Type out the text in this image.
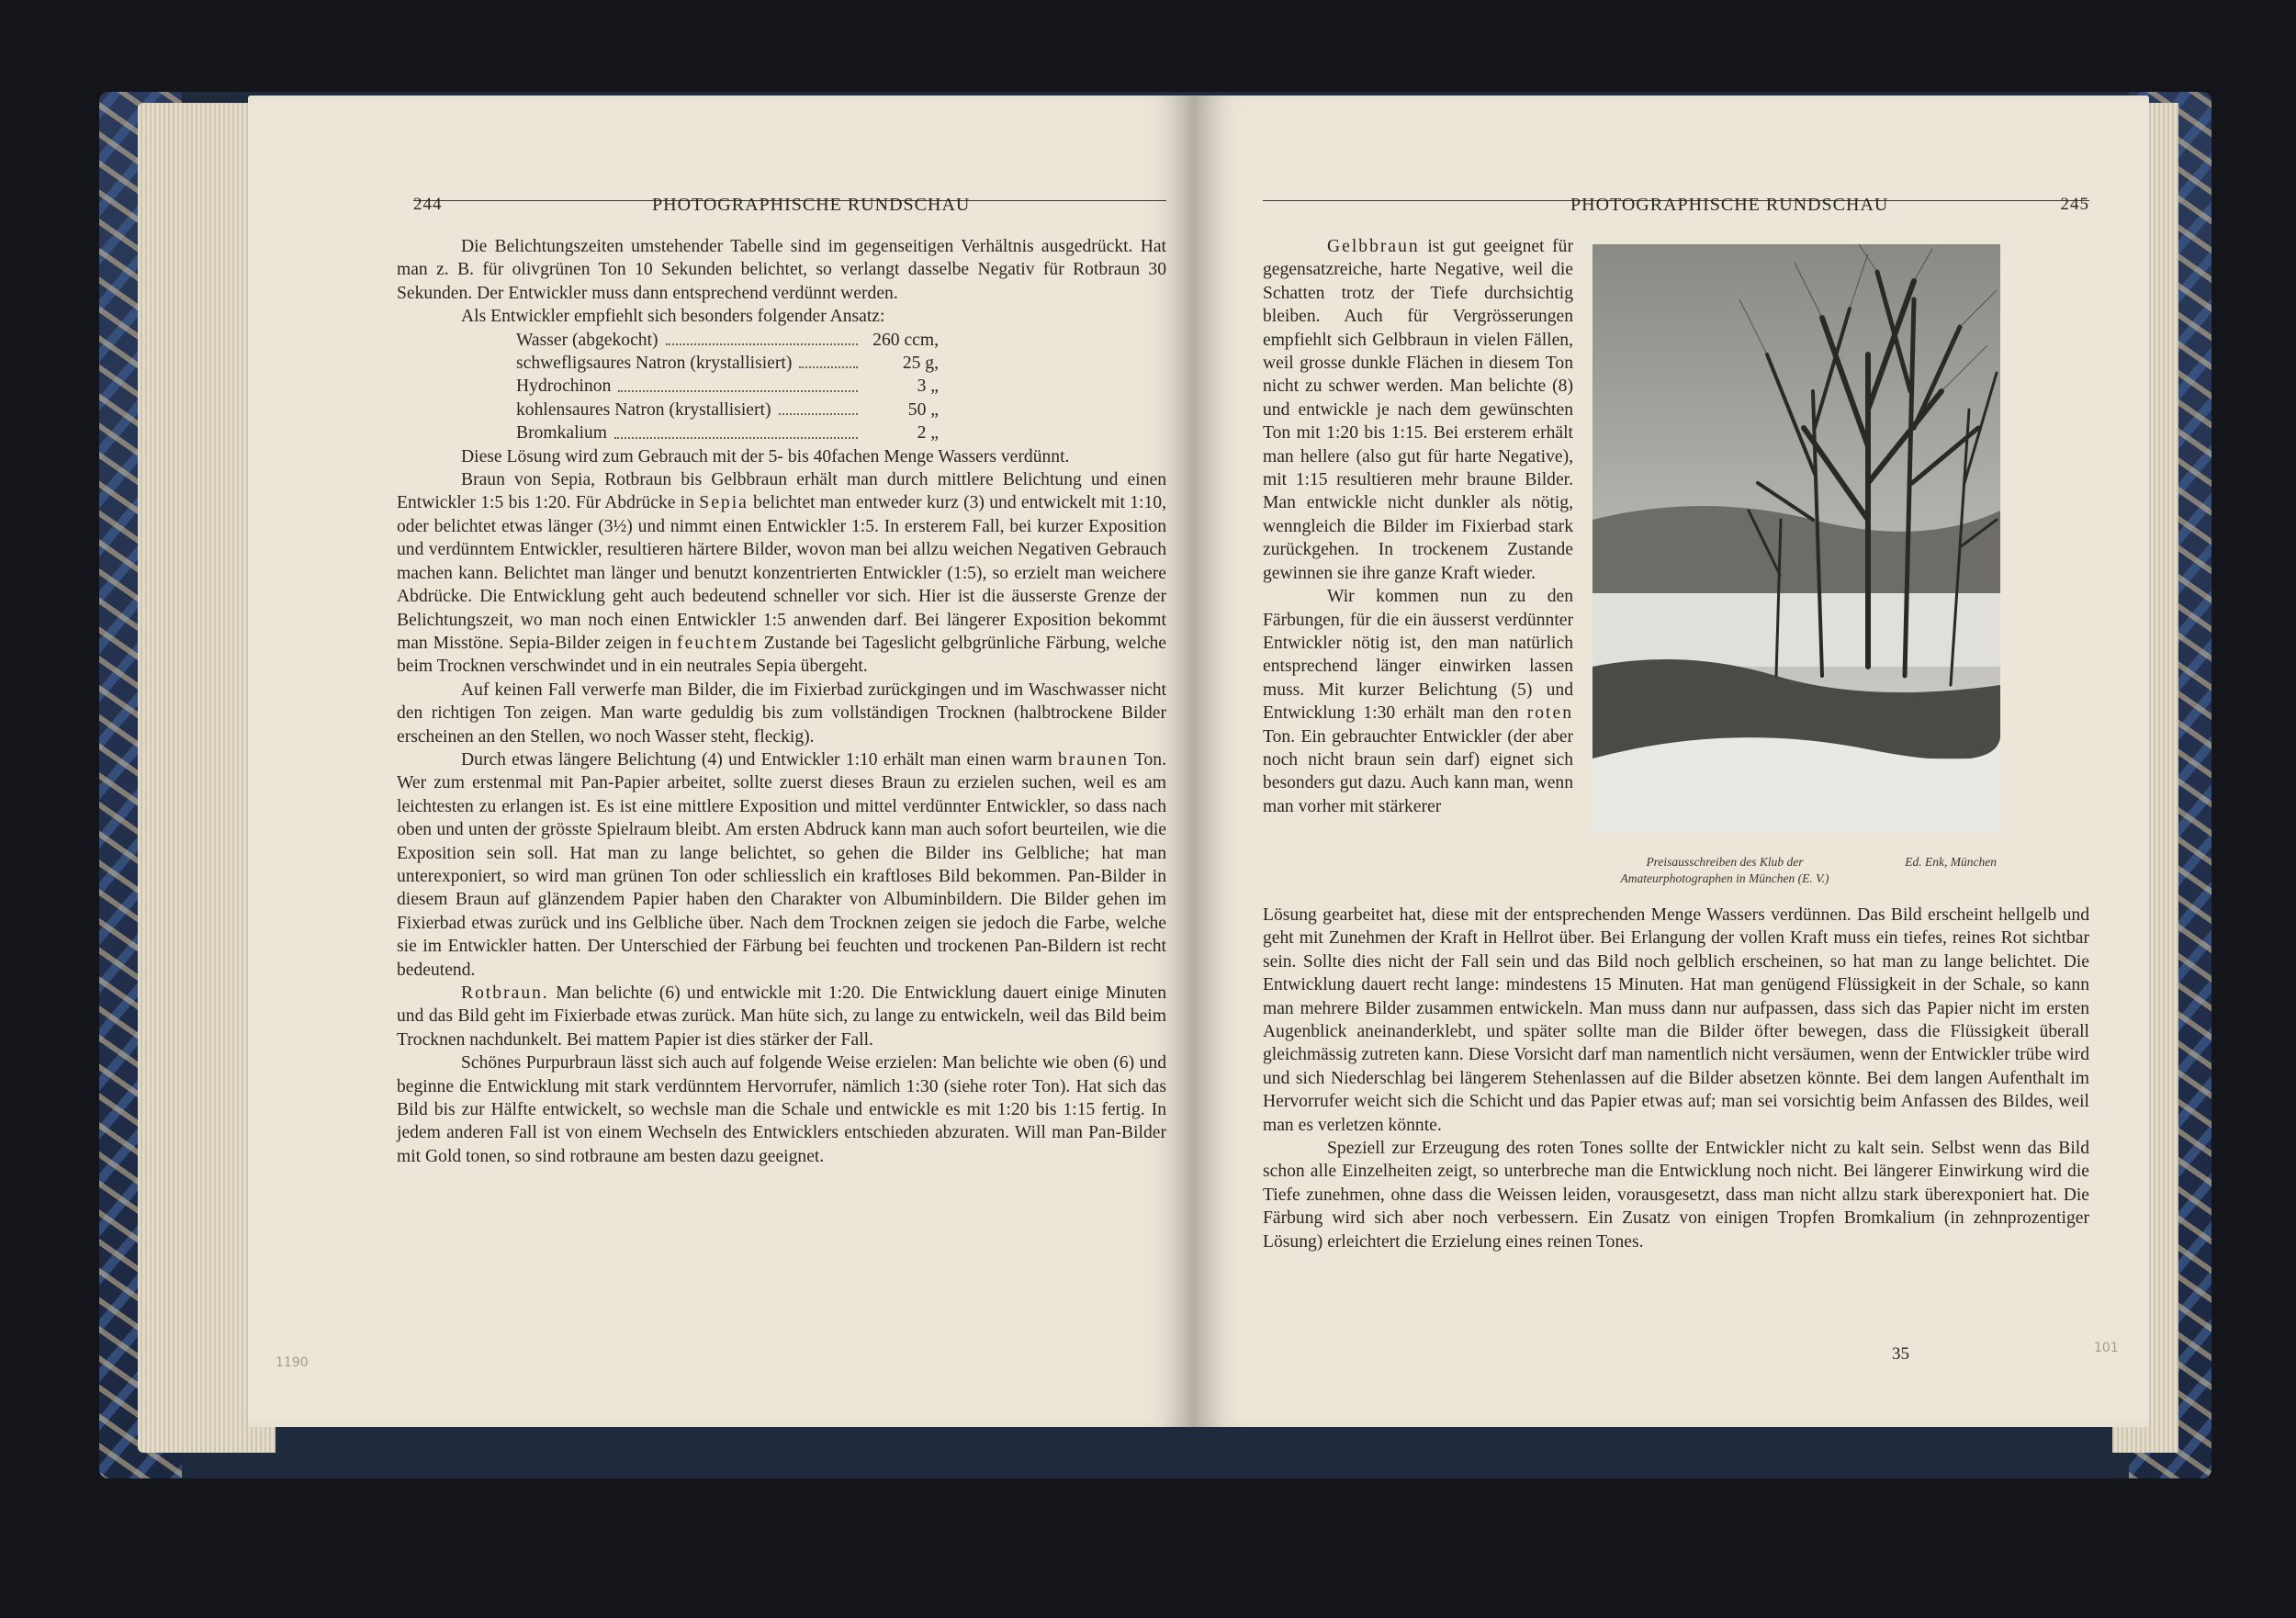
244	PHOTOGRAPHISCHE RUNDSCHAU

Die Belichtungszeiten umstehender Tabelle sind im gegenseitigen Verhältnis ausgedrückt. Hat man z. B. für olivgrünen Ton 10 Sekunden belichtet, so verlangt dasselbe Negativ für Rotbraun 30 Sekunden. Der Entwickler muss dann entsprechend verdünnt werden.

Als Entwickler empfiehlt sich besonders folgender Ansatz:

Wasser (abgekocht)	260 ccm,
schwefligsaures Natron (krystallisiert)	25 g,
Hydrochinon	3 „
kohlensaures Natron (krystallisiert)	50 „
Bromkalium	2 „

Diese Lösung wird zum Gebrauch mit der 5- bis 40fachen Menge Wassers verdünnt.

Braun von Sepia, Rotbraun bis Gelbbraun erhält man durch mittlere Belichtung und einen Entwickler 1:5 bis 1:20. Für Abdrücke in Sepia belichtet man entweder kurz (3) und entwickelt mit 1:10, oder belichtet etwas länger (3½) und nimmt einen Entwickler 1:5. In ersterem Fall, bei kurzer Exposition und verdünntem Entwickler, resultieren härtere Bilder, wovon man bei allzu weichen Negativen Gebrauch machen kann. Belichtet man länger und benutzt konzentrierten Entwickler (1:5), so erzielt man weichere Abdrücke. Die Entwicklung geht auch bedeutend schneller vor sich. Hier ist die äusserste Grenze der Belichtungszeit, wo man noch einen Entwickler 1:5 anwenden darf. Bei längerer Exposition bekommt man Misstöne. Sepia-Bilder zeigen in feuchtem Zustande bei Tageslicht gelbgrünliche Färbung, welche beim Trocknen verschwindet und in ein neutrales Sepia übergeht.

Auf keinen Fall verwerfe man Bilder, die im Fixierbad zurückgingen und im Waschwasser nicht den richtigen Ton zeigen. Man warte geduldig bis zum vollständigen Trocknen (halbtrockene Bilder erscheinen an den Stellen, wo noch Wasser steht, fleckig).

Durch etwas längere Belichtung (4) und Entwickler 1:10 erhält man einen warm braunen Ton. Wer zum erstenmal mit Pan-Papier arbeitet, sollte zuerst dieses Braun zu erzielen suchen, weil es am leichtesten zu erlangen ist. Es ist eine mittlere Exposition und mittel verdünnter Entwickler, so dass nach oben und unten der grösste Spielraum bleibt. Am ersten Abdruck kann man auch sofort beurteilen, wie die Exposition sein soll. Hat man zu lange belichtet, so gehen die Bilder ins Gelbliche; hat man unterexponiert, so wird man grünen Ton oder schliesslich ein kraftloses Bild bekommen. Pan-Bilder in diesem Braun auf glänzendem Papier haben den Charakter von Albuminbildern. Die Bilder gehen im Fixierbad etwas zurück und ins Gelbliche über. Nach dem Trocknen zeigen sie jedoch die Farbe, welche sie im Entwickler hatten. Der Unterschied der Färbung bei feuchten und trockenen Pan-Bildern ist recht bedeutend.

Rotbraun. Man belichte (6) und entwickle mit 1:20. Die Entwicklung dauert einige Minuten und das Bild geht im Fixierbade etwas zurück. Man hüte sich, zu lange zu entwickeln, weil das Bild beim Trocknen nachdunkelt. Bei mattem Papier ist dies stärker der Fall.

Schönes Purpurbraun lässt sich auch auf folgende Weise erzielen: Man belichte wie oben (6) und beginne die Entwicklung mit stark verdünntem Hervorrufer, nämlich 1:30 (siehe roter Ton). Hat sich das Bild bis zur Hälfte entwickelt, so wechsle man die Schale und entwickle es mit 1:20 bis 1:15 fertig. In jedem anderen Fall ist von einem Wechseln des Entwicklers entschieden abzuraten. Will man Pan-Bilder mit Gold tonen, so sind rotbraune am besten dazu geeignet.

1190
PHOTOGRAPHISCHE RUNDSCHAU	245

Gelbbraun ist gut geeignet für gegensatzreiche, harte Negative, weil die Schatten trotz der Tiefe durchsichtig bleiben. Auch für Vergrösserungen empfiehlt sich Gelbbraun in vielen Fällen, weil grosse dunkle Flächen in diesem Ton nicht zu schwer werden. Man belichte (8) und entwickle je nach dem gewünschten Ton mit 1:20 bis 1:15. Bei ersterem erhält man hellere (also gut für harte Negative), mit 1:15 resultieren mehr braune Bilder. Man entwickle nicht dunkler als nötig, wenngleich die Bilder im Fixierbad stark zurückgehen. In trockenem Zustande gewinnen sie ihre ganze Kraft wieder.

Wir kommen nun zu den Färbungen, für die ein äusserst verdünnter Entwickler nötig ist, den man natürlich entsprechend länger einwirken lassen muss. Mit kurzer Belichtung (5) und Entwicklung 1:30 erhält man den roten Ton. Ein gebrauchter Entwickler (der aber noch nicht braun sein darf) eignet sich besonders gut dazu. Auch kann man, wenn man vorher mit stärkerer

Preisausschreiben des Klub der Amateurphotographen in München (E. V.)
Ed. Enk, München

Lösung gearbeitet hat, diese mit der entsprechenden Menge Wassers verdünnen. Das Bild erscheint hellgelb und geht mit Zunehmen der Kraft in Hellrot über. Bei Erlangung der vollen Kraft muss ein tiefes, reines Rot sichtbar sein. Sollte dies nicht der Fall sein und das Bild noch gelblich erscheinen, so hat man zu lange belichtet. Die Entwicklung dauert recht lange: mindestens 15 Minuten. Hat man genügend Flüssigkeit in der Schale, so kann man mehrere Bilder zusammen entwickeln. Man muss dann nur aufpassen, dass sich das Papier nicht im ersten Augenblick aneinanderklebt, und später sollte man die Bilder öfter bewegen, dass die Flüssigkeit überall gleichmässig zutreten kann. Diese Vorsicht darf man namentlich nicht versäumen, wenn der Entwickler trübe wird und sich Niederschlag bei längerem Stehenlassen auf die Bilder absetzen könnte. Bei dem langen Aufenthalt im Hervorrufer weicht sich die Schicht und das Papier etwas auf; man sei vorsichtig beim Anfassen des Bildes, weil man es verletzen könnte.

Speziell zur Erzeugung des roten Tones sollte der Entwickler nicht zu kalt sein. Selbst wenn das Bild schon alle Einzelheiten zeigt, so unterbreche man die Entwicklung noch nicht. Bei längerer Einwirkung wird die Tiefe zunehmen, ohne dass die Weissen leiden, vorausgesetzt, dass man nicht allzu stark überexponiert hat. Die Färbung wird sich aber noch verbessern. Ein Zusatz von einigen Tropfen Bromkalium (in zehnprozentiger Lösung) erleichtert die Erzielung eines reinen Tones.

35	101
